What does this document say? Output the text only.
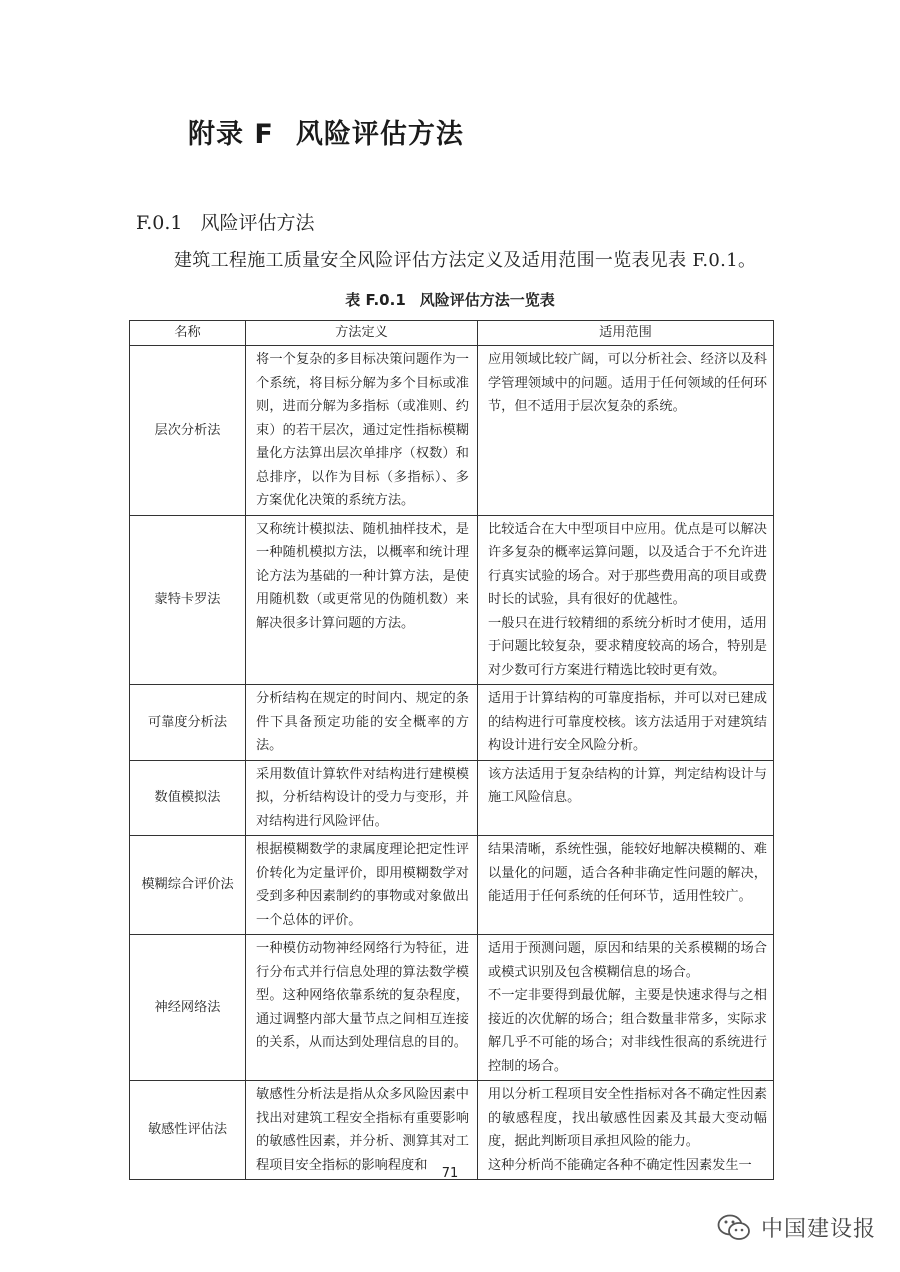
附录 F 风险评估方法
F.0.1 风险评估方法
建筑工程施工质量安全风险评估方法定义及适用范围一览表见表 F.0.1。
表 F.0.1 风险评估方法一览表
名称	方法定义	适用范围
层次分析法	将一个复杂的多目标决策问题作为一个系统，将目标分解为多个目标或准则，进而分解为多指标（或准则、约束）的若干层次，通过定性指标模糊量化方法算出层次单排序（权数）和总排序，以作为目标（多指标）、多方案优化决策的系统方法。	应用领域比较广阔，可以分析社会、经济以及科学管理领域中的问题。适用于任何领域的任何环节，但不适用于层次复杂的系统。

蒙特卡罗法	又称统计模拟法、随机抽样技术，是一种随机模拟方法，以概率和统计理论方法为基础的一种计算方法，是使用随机数（或更常见的伪随机数）来解决很多计算问题的方法。	比较适合在大中型项目中应用。优点是可以解决许多复杂的概率运算问题，以及适合于不允许进行真实试验的场合。对于那些费用高的项目或费时长的试验，具有很好的优越性。

一般只在进行较精细的系统分析时才使用，适用于问题比较复杂，要求精度较高的场合，特别是对少数可行方案进行精选比较时更有效。

可靠度分析法	分析结构在规定的时间内、规定的条件下具备预定功能的安全概率的方法。	适用于计算结构的可靠度指标，并可以对已建成的结构进行可靠度校核。该方法适用于对建筑结构设计进行安全风险分析。

数值模拟法	采用数值计算软件对结构进行建模模拟，分析结构设计的受力与变形，并对结构进行风险评估。	该方法适用于复杂结构的计算，判定结构设计与施工风险信息。

模糊综合评价法	根据模糊数学的隶属度理论把定性评价转化为定量评价，即用模糊数学对受到多种因素制约的事物或对象做出一个总体的评价。	结果清晰，系统性强，能较好地解决模糊的、难以量化的问题，适合各种非确定性问题的解决，能适用于任何系统的任何环节，适用性较广。

神经网络法	一种模仿动物神经网络行为特征，进行分布式并行信息处理的算法数学模型。这种网络依靠系统的复杂程度，通过调整内部大量节点之间相互连接的关系，从而达到处理信息的目的。	适用于预测问题，原因和结果的关系模糊的场合或模式识别及包含模糊信息的场合。

不一定非要得到最优解，主要是快速求得与之相接近的次优解的场合；组合数量非常多，实际求解几乎不可能的场合；对非线性很高的系统进行控制的场合。

敏感性评估法	敏感性分析法是指从众多风险因素中找出对建筑工程安全指标有重要影响的敏感性因素，并分析、测算其对工程项目安全指标的影响程度和	用以分析工程项目安全性指标对各不确定性因素的敏感程度，找出敏感性因素及其最大变动幅度，据此判断项目承担风险的能力。

这种分析尚不能确定各种不确定性因素发生一

71
中国建设报
